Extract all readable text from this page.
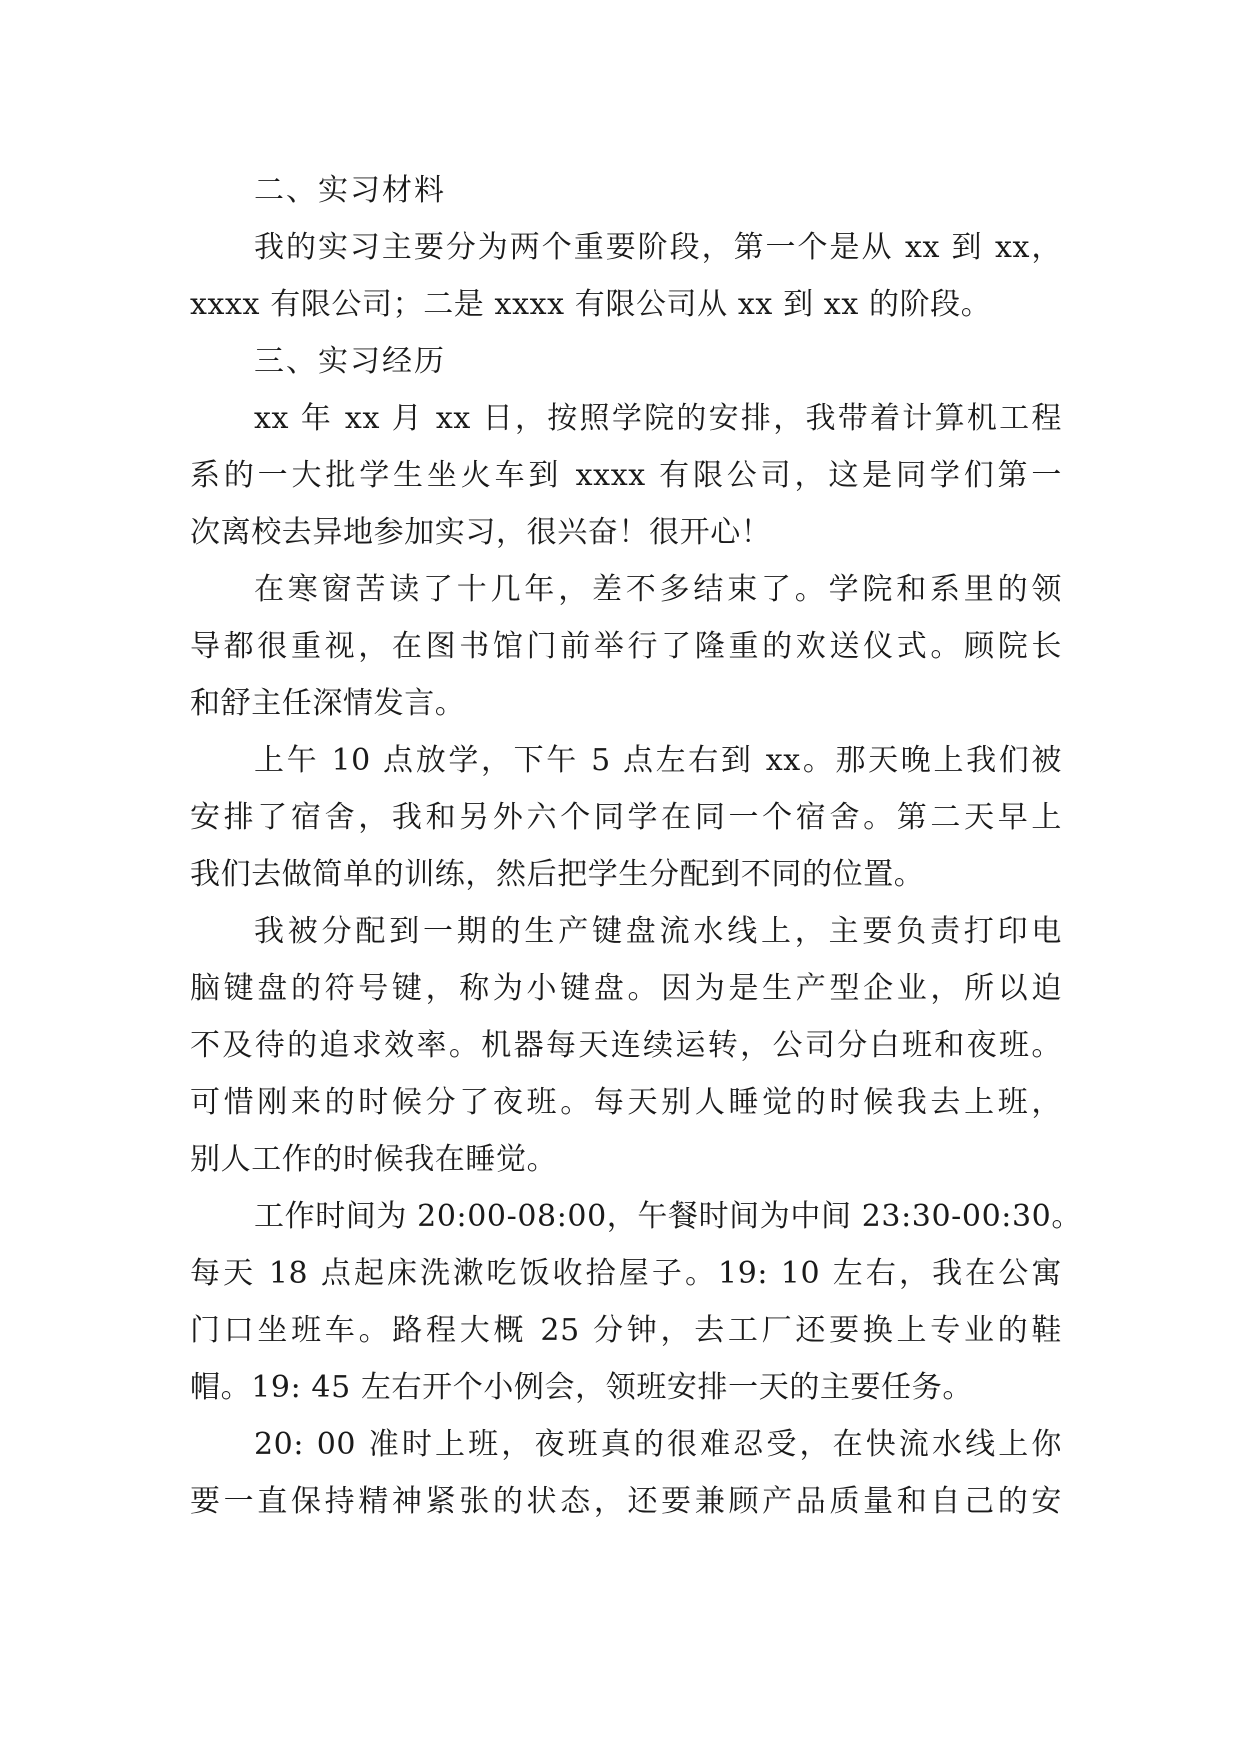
二、实习材料
我的实习主要分为两个重要阶段，第一个是从 xx 到 xx，
xxxx 有限公司；二是 xxxx 有限公司从 xx 到 xx 的阶段。
三、实习经历
xx 年 xx 月 xx 日，按照学院的安排，我带着计算机工程
系的一大批学生坐火车到 xxxx 有限公司，这是同学们第一
次离校去异地参加实习，很兴奋！很开心！
在寒窗苦读了十几年，差不多结束了。学院和系里的领
导都很重视，在图书馆门前举行了隆重的欢送仪式。顾院长
和舒主任深情发言。
上午 10 点放学，下午 5 点左右到 xx。那天晚上我们被
安排了宿舍，我和另外六个同学在同一个宿舍。第二天早上
我们去做简单的训练，然后把学生分配到不同的位置。
我被分配到一期的生产键盘流水线上，主要负责打印电
脑键盘的符号键，称为小键盘。因为是生产型企业，所以迫
不及待的追求效率。机器每天连续运转，公司分白班和夜班。
可惜刚来的时候分了夜班。每天别人睡觉的时候我去上班，
别人工作的时候我在睡觉。
工作时间为 20:00-08:00，午餐时间为中间 23:30-00:30。
每天 18 点起床洗漱吃饭收拾屋子。19: 10 左右，我在公寓
门口坐班车。路程大概 25 分钟，去工厂还要换上专业的鞋
帽。19: 45 左右开个小例会，领班安排一天的主要任务。
20: 00 准时上班，夜班真的很难忍受，在快流水线上你
要一直保持精神紧张的状态，还要兼顾产品质量和自己的安
